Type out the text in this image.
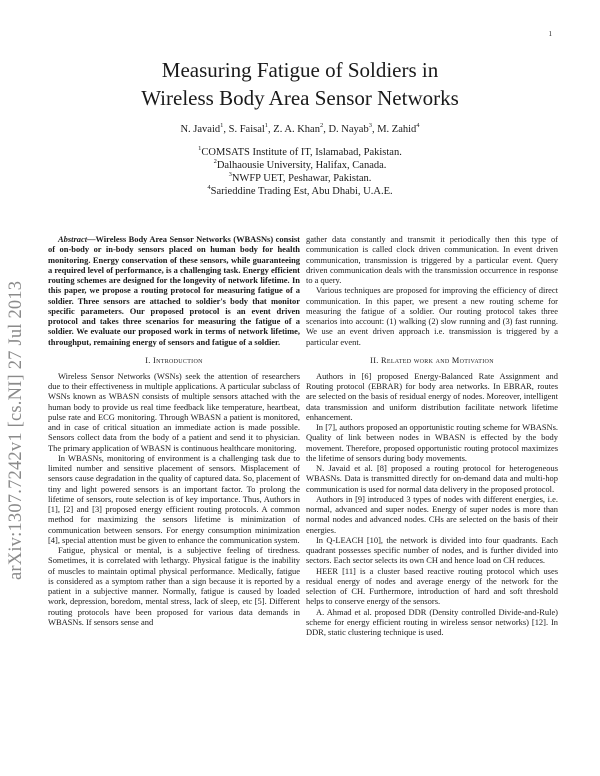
1
arXiv:1307.7242v1 [cs.NI] 27 Jul 2013
Measuring Fatigue of Soldiers in
Wireless Body Area Sensor Networks
N. Javaid$^1$, S. Faisal$^1$, Z. A. Khan$^2$, D. Nayab$^3$, M. Zahid$^4$
$^1$COMSATS Institute of IT, Islamabad, Pakistan.
$^2$Dalhaousie University, Halifax, Canada.
$^3$NWFP UET, Peshawar, Pakistan.
$^4$Sarieddine Trading Est, Abu Dhabi, U.A.E.

Abstract—Wireless Body Area Sensor Networks (WBASNs) consist of on-body or in-body sensors placed on human body for health monitoring. Energy conservation of these sensors, while guaranteeing a required level of performance, is a challenging task. Energy efficient routing schemes are designed for the longevity of network lifetime. In this paper, we propose a routing protocol for measuring fatigue of a soldier. Three sensors are attached to soldier's body that monitor specific parameters. Our proposed protocol is an event driven protocol and takes three scenarios for measuring the fatigue of a soldier. We evaluate our proposed work in terms of network lifetime, throughput, remaining energy of sensors and fatigue of a soldier.

I. Introduction

Wireless Sensor Networks (WSNs) seek the attention of researchers due to their effectiveness in multiple applications. A particular subclass of WSNs known as WBASN consists of multiple sensors attached with the human body to provide us real time feedback like temperature, heartbeat, pulse rate and ECG monitoring. Through WBASN a patient is monitored, and in case of critical situation an immediate action is made possible. Sensors collect data from the body of a patient and send it to physician. The primary application of WBASN is continuous healthcare monitoring.

In WBASNs, monitoring of environment is a challenging task due to limited number and sensitive placement of sensors. Misplacement of sensors cause degradation in the quality of captured data. So, placement of tiny and light powered sensors is an important factor. To prolong the lifetime of sensors, route selection is of key importance. Thus, Authors in [1], [2] and [3] proposed energy efficient routing protocols. A common method for maximizing the sensors lifetime is minimization of communication between sensors. For energy consumption minimization [4], special attention must be given to enhance the communication system.

Fatigue, physical or mental, is a subjective feeling of tiredness. Sometimes, it is correlated with lethargy. Physical fatigue is the inability of muscles to maintain optimal physical performance. Medically, fatigue is considered as a symptom rather than a sign because it is reported by a patient in a subjective manner. Normally, fatigue is caused by loaded work, depression, boredom, mental stress, lack of sleep, etc [5]. Different routing protocols have been proposed for various data demands in WBASNs. If sensors sense and

gather data constantly and transmit it periodically then this type of communication is called clock driven communication. In event driven communication, transmission is triggered by a particular event. Query driven communication deals with the transmission occurrence in response to a query.

Various techniques are proposed for improving the efficiency of direct communication. In this paper, we present a new routing scheme for measuring the fatigue of a soldier. Our routing protocol takes three scenarios into account: (1) walking (2) slow running and (3) fast running. We use an event driven approach i.e. transmission is triggered by a particular event.

II. Related work and Motivation

Authors in [6] proposed Energy-Balanced Rate Assignment and Routing protocol (EBRAR) for body area networks. In EBRAR, routes are selected on the basis of residual energy of nodes. Moreover, intelligent data transmission and uniform distribution facilitate network lifetime enhancement.

In [7], authors proposed an opportunistic routing scheme for WBASNs. Quality of link between nodes in WBASN is effected by the body movement. Therefore, proposed opportunistic routing protocol maximizes the lifetime of sensors during body movements.

N. Javaid et al. [8] proposed a routing protocol for heterogeneous WBASNs. Data is transmitted directly for on-demand data and multi-hop communication is used for normal data delivery in the proposed protocol.

Authors in [9] introduced 3 types of nodes with different energies, i.e. normal, advanced and super nodes. Energy of super nodes is more than normal nodes and advanced nodes. CHs are selected on the basis of their energies.

In Q-LEACH [10], the network is divided into four quadrants. Each quadrant possesses specific number of nodes, and is further divided into sectors. Each sector selects its own CH and hence load on CH reduces.

HEER [11] is a cluster based reactive routing protocol which uses residual energy of nodes and average energy of the network for the selection of CH. Furthermore, introduction of hard and soft threshold helps to conserve energy of the sensors.

A. Ahmad et al. proposed DDR (Density controlled Divide-and-Rule) scheme for energy efficient routing in wireless sensor networks) [12]. In DDR, static clustering technique is used.
